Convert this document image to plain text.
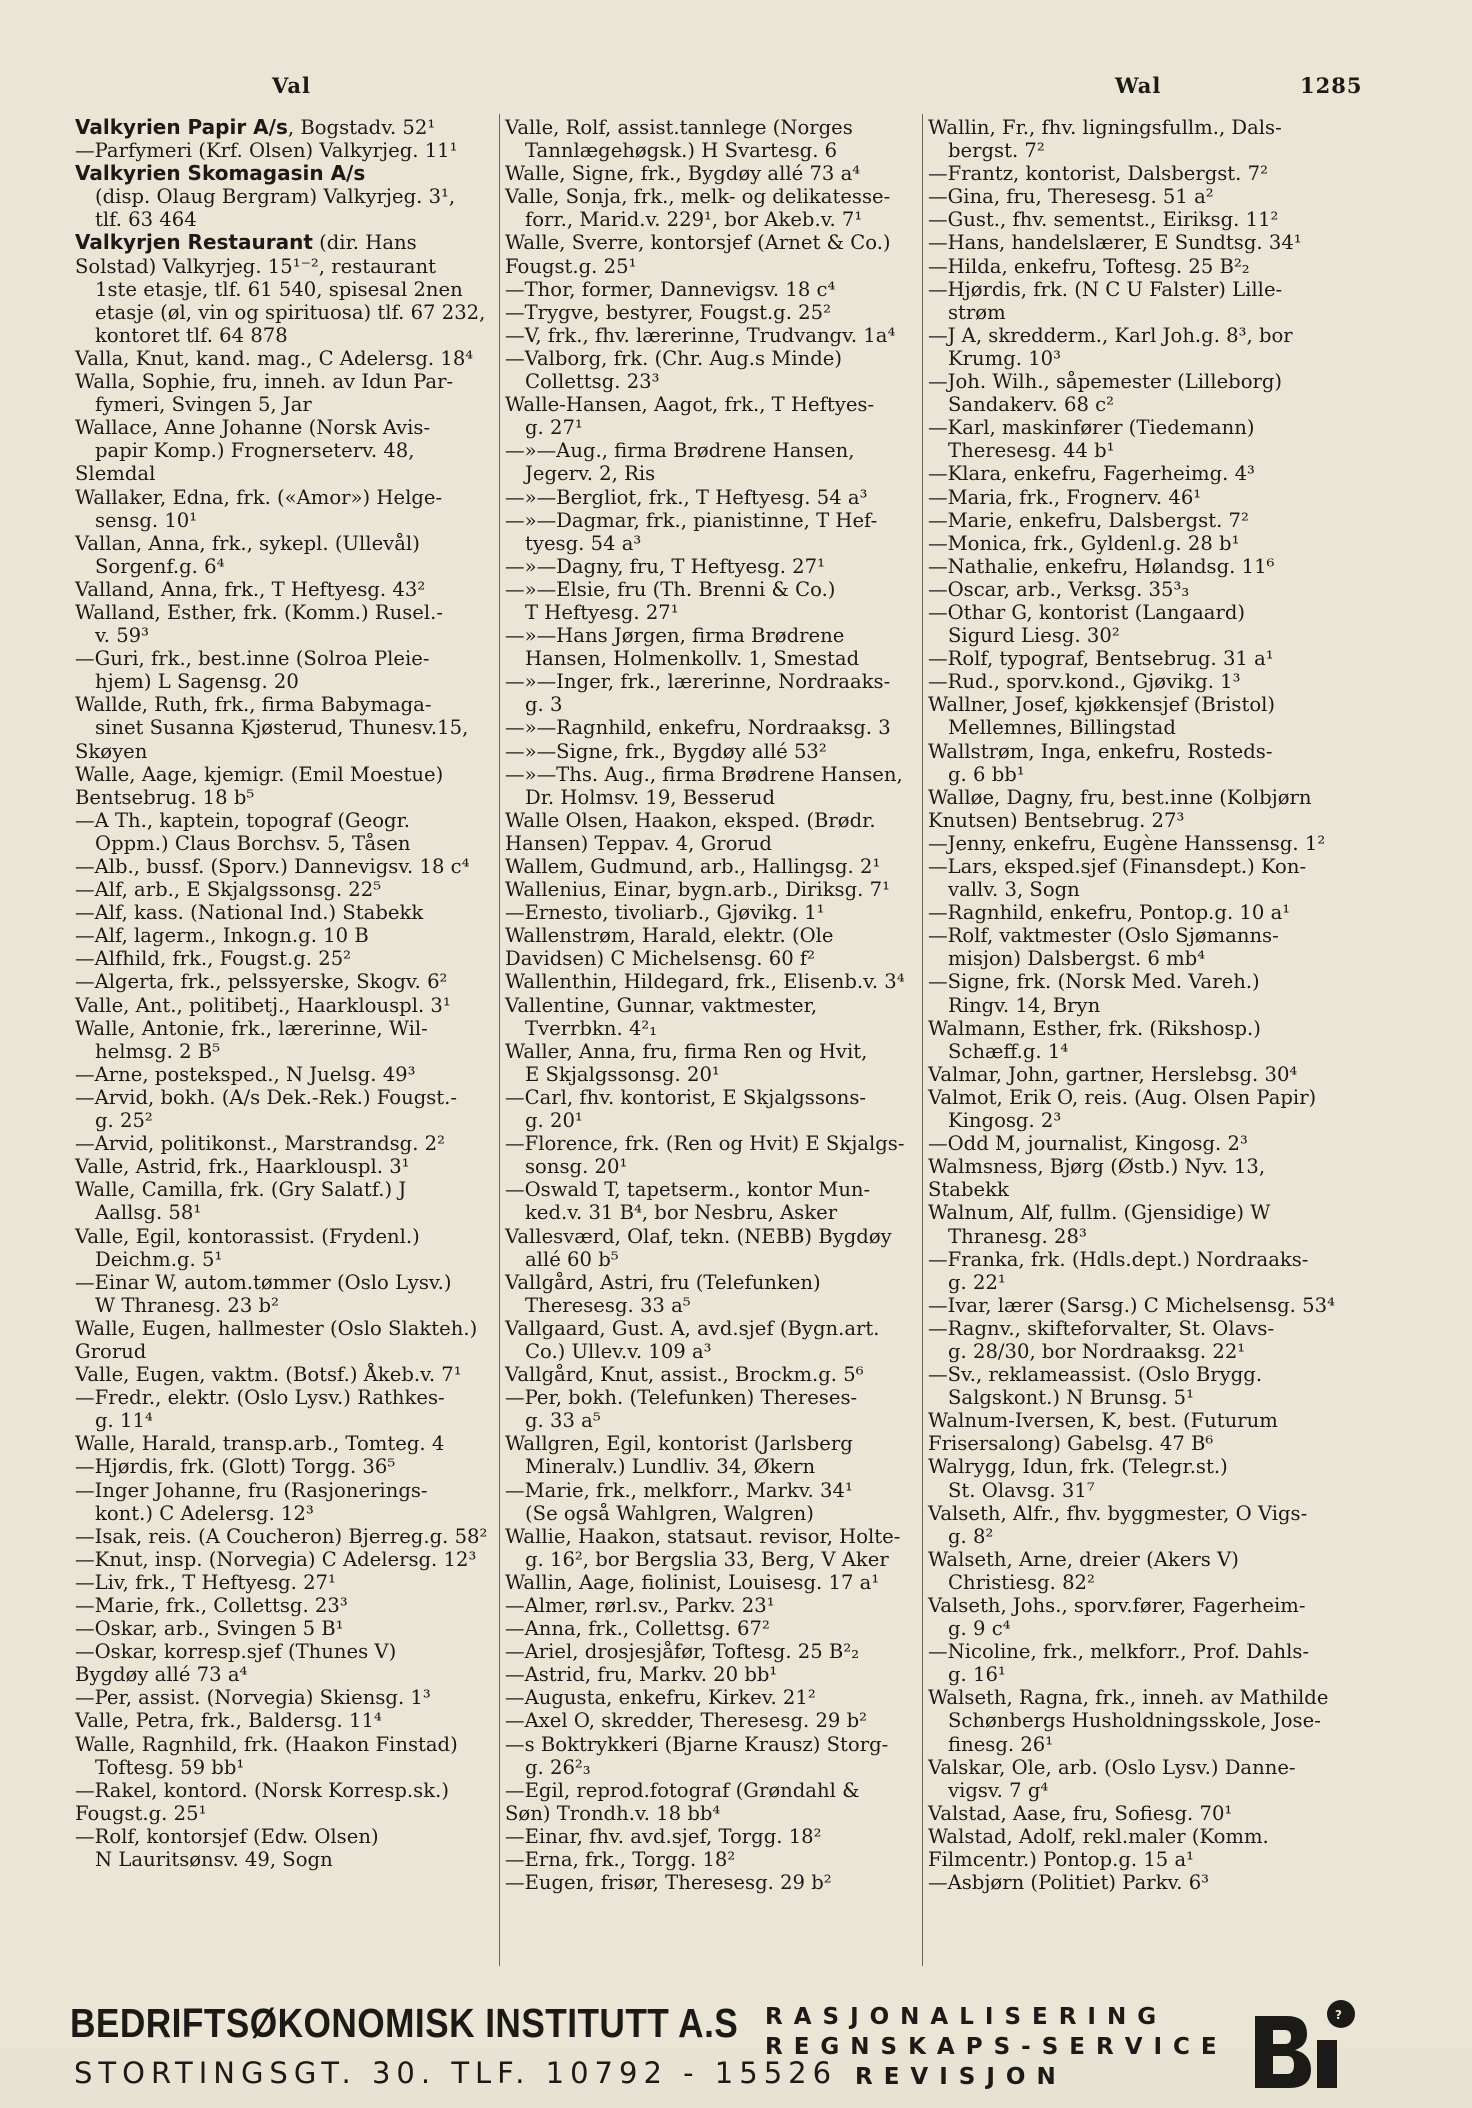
Val	Wal	1285
Valkyrien Papir A/s, Bogstadv. 52¹
—Parfymeri (Krf. Olsen) Valkyrjeg. 11¹
Valkyrien Skomagasin A/s
(disp. Olaug Bergram) Valkyrjeg. 3¹,
tlf. 63 464
Valkyrjen Restaurant (dir. Hans
Solstad) Valkyrjeg. 15¹⁻², restaurant
1ste etasje, tlf. 61 540, spisesal 2nen
etasje (øl, vin og spirituosa) tlf. 67 232,
kontoret tlf. 64 878
Valla, Knut, kand. mag., C Adelersg. 18⁴
Walla, Sophie, fru, inneh. av Idun Par-
fymeri, Svingen 5, Jar
Wallace, Anne Johanne (Norsk Avis-
papir Komp.) Frognerseterv. 48,
Slemdal
Wallaker, Edna, frk. («Amor») Helge-
sensg. 10¹
Vallan, Anna, frk., sykepl. (Ullevål)
Sorgenf.g. 6⁴
Valland, Anna, frk., T Heftyesg. 43²
Walland, Esther, frk. (Komm.) Rusel.-
v. 59³
—Guri, frk., best.inne (Solroa Pleie-
hjem) L Sagensg. 20
Wallde, Ruth, frk., firma Babymaga-
sinet Susanna Kjøsterud, Thunesv.15,
Skøyen
Walle, Aage, kjemigr. (Emil Moestue)
Bentsebrug. 18 b⁵
—A Th., kaptein, topograf (Geogr.
Oppm.) Claus Borchsv. 5, Tåsen
—Alb., bussf. (Sporv.) Dannevigsv. 18 c⁴
—Alf, arb., E Skjalgssonsg. 22⁵
—Alf, kass. (National Ind.) Stabekk
—Alf, lagerm., Inkogn.g. 10 B
—Alfhild, frk., Fougst.g. 25²
—Algerta, frk., pelssyerske, Skogv. 6²
Valle, Ant., politibetj., Haarklouspl. 3¹
Walle, Antonie, frk., lærerinne, Wil-
helmsg. 2 B⁵
—Arne, posteksped., N Juelsg. 49³
—Arvid, bokh. (A/s Dek.-Rek.) Fougst.-
g. 25²
—Arvid, politikonst., Marstrandsg. 2²
Valle, Astrid, frk., Haarklouspl. 3¹
Walle, Camilla, frk. (Gry Salatf.) J
Aallsg. 58¹
Valle, Egil, kontorassist. (Frydenl.)
Deichm.g. 5¹
—Einar W, autom.tømmer (Oslo Lysv.)
W Thranesg. 23 b²
Walle, Eugen, hallmester (Oslo Slakteh.)
Grorud
Valle, Eugen, vaktm. (Botsf.) Åkeb.v. 7¹
—Fredr., elektr. (Oslo Lysv.) Rathkes-
g. 11⁴
Walle, Harald, transp.arb., Tomteg. 4
—Hjørdis, frk. (Glott) Torgg. 36⁵
—Inger Johanne, fru (Rasjonerings-
kont.) C Adelersg. 12³
—Isak, reis. (A Coucheron) Bjerreg.g. 58²
—Knut, insp. (Norvegia) C Adelersg. 12³
—Liv, frk., T Heftyesg. 27¹
—Marie, frk., Collettsg. 23³
—Oskar, arb., Svingen 5 B¹
—Oskar, korresp.sjef (Thunes V)
Bygdøy allé 73 a⁴
—Per, assist. (Norvegia) Skiensg. 1³
Valle, Petra, frk., Baldersg. 11⁴
Walle, Ragnhild, frk. (Haakon Finstad)
Toftesg. 59 bb¹
—Rakel, kontord. (Norsk Korresp.sk.)
Fougst.g. 25¹
—Rolf, kontorsjef (Edw. Olsen)
N Lauritsønsv. 49, Sogn
Valle, Rolf, assist.tannlege (Norges
Tannlægehøgsk.) H Svartesg. 6
Walle, Signe, frk., Bygdøy allé 73 a⁴
Valle, Sonja, frk., melk- og delikatesse-
forr., Marid.v. 229¹, bor Akeb.v. 7¹
Walle, Sverre, kontorsjef (Arnet & Co.)
Fougst.g. 25¹
—Thor, former, Dannevigsv. 18 c⁴
—Trygve, bestyrer, Fougst.g. 25²
—V, frk., fhv. lærerinne, Trudvangv. 1a⁴
—Valborg, frk. (Chr. Aug.s Minde)
Collettsg. 23³
Walle-Hansen, Aagot, frk., T Heftyes-
g. 27¹
—»—Aug., firma Brødrene Hansen,
Jegerv. 2, Ris
—»—Bergliot, frk., T Heftyesg. 54 a³
—»—Dagmar, frk., pianistinne, T Hef-
tyesg. 54 a³
—»—Dagny, fru, T Heftyesg. 27¹
—»—Elsie, fru (Th. Brenni & Co.)
T Heftyesg. 27¹
—»—Hans Jørgen, firma Brødrene
Hansen, Holmenkollv. 1, Smestad
—»—Inger, frk., lærerinne, Nordraaks-
g. 3
—»—Ragnhild, enkefru, Nordraaksg. 3
—»—Signe, frk., Bygdøy allé 53²
—»—Ths. Aug., firma Brødrene Hansen,
Dr. Holmsv. 19, Besserud
Walle Olsen, Haakon, eksped. (Brødr.
Hansen) Teppav. 4, Grorud
Wallem, Gudmund, arb., Hallingsg. 2¹
Wallenius, Einar, bygn.arb., Diriksg. 7¹
—Ernesto, tivoliarb., Gjøvikg. 1¹
Wallenstrøm, Harald, elektr. (Ole
Davidsen) C Michelsensg. 60 f²
Wallenthin, Hildegard, frk., Elisenb.v. 3⁴
Vallentine, Gunnar, vaktmester,
Tverrbkn. 4²₁
Waller, Anna, fru, firma Ren og Hvit,
E Skjalgssonsg. 20¹
—Carl, fhv. kontorist, E Skjalgssons-
g. 20¹
—Florence, frk. (Ren og Hvit) E Skjalgs-
sonsg. 20¹
—Oswald T, tapetserm., kontor Mun-
ked.v. 31 B⁴, bor Nesbru, Asker
Vallesværd, Olaf, tekn. (NEBB) Bygdøy
allé 60 b⁵
Vallgård, Astri, fru (Telefunken)
Theresesg. 33 a⁵
Vallgaard, Gust. A, avd.sjef (Bygn.art.
Co.) Ullev.v. 109 a³
Vallgård, Knut, assist., Brockm.g. 5⁶
—Per, bokh. (Telefunken) Thereses-
g. 33 a⁵
Wallgren, Egil, kontorist (Jarlsberg
Mineralv.) Lundliv. 34, Økern
—Marie, frk., melkforr., Markv. 34¹
(Se også Wahlgren, Walgren)
Wallie, Haakon, statsaut. revisor, Holte-
g. 16², bor Bergslia 33, Berg, V Aker
Wallin, Aage, fiolinist, Louisesg. 17 a¹
—Almer, rørl.sv., Parkv. 23¹
—Anna, frk., Collettsg. 67²
—Ariel, drosjesjåfør, Toftesg. 25 B²₂
—Astrid, fru, Markv. 20 bb¹
—Augusta, enkefru, Kirkev. 21²
—Axel O, skredder, Theresesg. 29 b²
—s Boktrykkeri (Bjarne Krausz) Storg-
g. 26²₃
—Egil, reprod.fotograf (Grøndahl &
Søn) Trondh.v. 18 bb⁴
—Einar, fhv. avd.sjef, Torgg. 18²
—Erna, frk., Torgg. 18²
—Eugen, frisør, Theresesg. 29 b²
Wallin, Fr., fhv. ligningsfullm., Dals-
bergst. 7²
—Frantz, kontorist, Dalsbergst. 7²
—Gina, fru, Theresesg. 51 a²
—Gust., fhv. sementst., Eiriksg. 11²
—Hans, handelslærer, E Sundtsg. 34¹
—Hilda, enkefru, Toftesg. 25 B²₂
—Hjørdis, frk. (N C U Falster) Lille-
strøm
—J A, skredderm., Karl Joh.g. 8³, bor
Krumg. 10³
—Joh. Wilh., såpemester (Lilleborg)
Sandakerv. 68 c²
—Karl, maskinfører (Tiedemann)
Theresesg. 44 b¹
—Klara, enkefru, Fagerheimg. 4³
—Maria, frk., Frognerv. 46¹
—Marie, enkefru, Dalsbergst. 7²
—Monica, frk., Gyldenl.g. 28 b¹
—Nathalie, enkefru, Hølandsg. 11⁶
—Oscar, arb., Verksg. 35³₃
—Othar G, kontorist (Langaard)
Sigurd Liesg. 30²
—Rolf, typograf, Bentsebrug. 31 a¹
—Rud., sporv.kond., Gjøvikg. 1³
Wallner, Josef, kjøkkensjef (Bristol)
Mellemnes, Billingstad
Wallstrøm, Inga, enkefru, Rosteds-
g. 6 bb¹
Walløe, Dagny, fru, best.inne (Kolbjørn
Knutsen) Bentsebrug. 27³
—Jenny, enkefru, Eugène Hanssensg. 1²
—Lars, eksped.sjef (Finansdept.) Kon-
vallv. 3, Sogn
—Ragnhild, enkefru, Pontop.g. 10 a¹
—Rolf, vaktmester (Oslo Sjømanns-
misjon) Dalsbergst. 6 mb⁴
—Signe, frk. (Norsk Med. Vareh.)
Ringv. 14, Bryn
Walmann, Esther, frk. (Rikshosp.)
Schæff.g. 1⁴
Valmar, John, gartner, Herslebsg. 30⁴
Valmot, Erik O, reis. (Aug. Olsen Papir)
Kingosg. 2³
—Odd M, journalist, Kingosg. 2³
Walmsness, Bjørg (Østb.) Nyv. 13,
Stabekk
Walnum, Alf, fullm. (Gjensidige) W
Thranesg. 28³
—Franka, frk. (Hdls.dept.) Nordraaks-
g. 22¹
—Ivar, lærer (Sarsg.) C Michelsensg. 53⁴
—Ragnv., skifteforvalter, St. Olavs-
g. 28/30, bor Nordraaksg. 22¹
—Sv., reklameassist. (Oslo Brygg.
Salgskont.) N Brunsg. 5¹
Walnum-Iversen, K, best. (Futurum
Frisersalong) Gabelsg. 47 B⁶
Walrygg, Idun, frk. (Telegr.st.)
St. Olavsg. 31⁷
Valseth, Alfr., fhv. byggmester, O Vigs-
g. 8²
Walseth, Arne, dreier (Akers V)
Christiesg. 82²
Valseth, Johs., sporv.fører, Fagerheim-
g. 9 c⁴
—Nicoline, frk., melkforr., Prof. Dahls-
g. 16¹
Walseth, Ragna, frk., inneh. av Mathilde
Schønbergs Husholdningsskole, Jose-
finesg. 26¹
Valskar, Ole, arb. (Oslo Lysv.) Danne-
vigsv. 7 g⁴
Valstad, Aase, fru, Sofiesg. 70¹
Walstad, Adolf, rekl.maler (Komm.
Filmcentr.) Pontop.g. 15 a¹
—Asbjørn (Politiet) Parkv. 6³
BEDRIFTSØKONOMISK INSTITUTT A.S
STORTINGSGT. 30. TLF. 10792 - 15526
RASJONALISERING
REGNSKAPS-SERVICE
REVISJON
?
